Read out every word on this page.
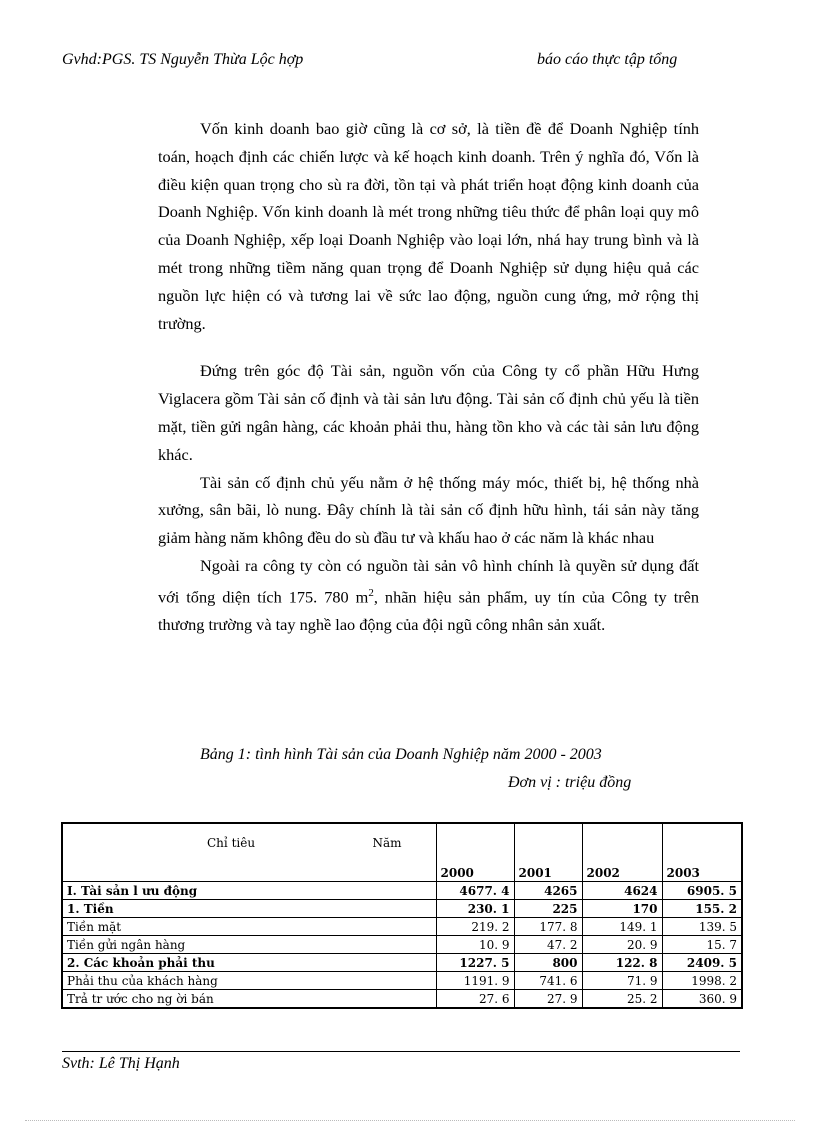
Gvhd:PGS. TS Nguyễn Thừa Lộc hợp	báo cáo thực tập tổng

Vốn kinh doanh bao giờ cũng là cơ sở, là tiền đề để Doanh Nghiệp tính toán, hoạch định các chiến lược và kế hoạch kinh doanh. Trên ý nghĩa đó, Vốn là điều kiện quan trọng cho sù ra đời, tồn tại và phát triển hoạt động kinh doanh của Doanh Nghiệp. Vốn kinh doanh là mét trong những tiêu thức để phân loại quy mô của Doanh Nghiệp, xếp loại Doanh Nghiệp vào loại lớn, nhá hay trung bình và là mét trong những tiềm năng quan trọng để Doanh Nghiệp sử dụng hiệu quả các nguồn lực hiện có và tương lai về sức lao động, nguồn cung ứng, mở rộng thị trường.

Đứng trên góc độ Tài sản, nguồn vốn của Công ty cổ phần Hữu Hưng Viglacera gồm Tài sản cố định và tài sản lưu động. Tài sản cố định chủ yếu là tiền mặt, tiền gửi ngân hàng, các khoản phải thu, hàng tồn kho và các tài sản lưu động khác.

Tài sản cố định chủ yếu nằm ở hệ thống máy móc, thiết bị, hệ thống nhà xưởng, sân bãi, lò nung. Đây chính là tài sản cố định hữu hình, tái sản này tăng giảm hàng năm không đều do sù đầu tư và khấu hao ở các năm là khác nhau

Ngoài ra công ty còn có nguồn tài sản vô hình chính là quyền sử dụng đất với tổng diện tích 175. 780 $m^2$, nhãn hiệu sản phẩm, uy tín của Công ty trên thương trường và tay nghề lao động của đội ngũ công nhân sản xuất.

Bảng 1: tình hình Tài sản của Doanh Nghiệp năm 2000 - 2003
Đơn vị : triệu đồng
Chỉ tiêu Năm	2000	2001	2002	2003
I. Tài sản l ưu động	4677. 4	4265	4624	6905. 5
1. Tiền	230. 1	225	170	155. 2
Tiền mặt	219. 2	177. 8	149. 1	139. 5
Tiền gửi ngân hàng	10. 9	47. 2	20. 9	15. 7
2. Các khoản phải thu	1227. 5	800	122. 8	2409. 5
Phải thu của khách hàng	1191. 9	741. 6	71. 9	1998. 2
Trả tr ước cho ng ời bán	27. 6	27. 9	25. 2	360. 9
Svth: Lê Thị Hạnh
